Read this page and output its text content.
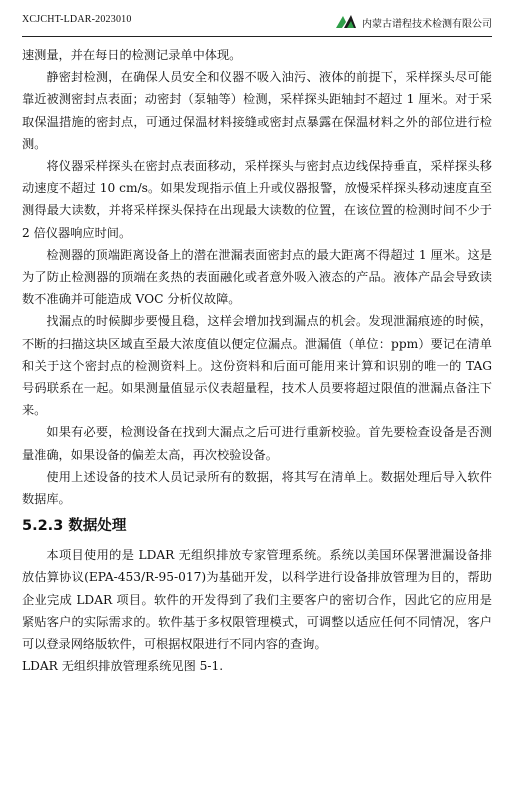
XCJCHT-LDAR-2023010	内蒙古谱程技术检测有限公司

速测量，并在每日的检测记录单中体现。

静密封检测，在确保人员安全和仪器不吸入油污、液体的前提下，采样探头尽可能靠近被测密封点表面；动密封（泵轴等）检测，采样探头距轴封不超过 1 厘米。对于采取保温措施的密封点，可通过保温材料接缝或密封点暴露在保温材料之外的部位进行检测。

将仪器采样探头在密封点表面移动，采样探头与密封点边线保持垂直，采样探头移动速度不超过 10 cm/s。如果发现指示值上升或仪器报警，放慢采样探头移动速度直至测得最大读数，并将采样探头保持在出现最大读数的位置，在该位置的检测时间不少于 2 倍仪器响应时间。

检测器的顶端距离设备上的潜在泄漏表面密封点的最大距离不得超过 1 厘米。这是为了防止检测器的顶端在炙热的表面融化或者意外吸入液态的产品。液体产品会导致读数不准确并可能造成 VOC 分析仪故障。

找漏点的时候脚步要慢且稳，这样会增加找到漏点的机会。发现泄漏痕迹的时候，不断的扫描这块区域直至最大浓度值以便定位漏点。泄漏值（单位：ppm）要记在清单和关于这个密封点的检测资料上。这份资料和后面可能用来计算和识别的唯一的 TAG 号码联系在一起。如果测量值显示仪表超量程，技术人员要将超过限值的泄漏点备注下来。

如果有必要，检测设备在找到大漏点之后可进行重新校验。首先要检查设备是否测量准确，如果设备的偏差太高，再次校验设备。

使用上述设备的技术人员记录所有的数据，将其写在清单上。数据处理后导入软件数据库。

5.2.3 数据处理

本项目使用的是 LDAR 无组织排放专家管理系统。系统以美国环保署泄漏设备排放估算协议(EPA-453/R-95-017)为基础开发，以科学进行设备排放管理为目的，帮助企业完成 LDAR 项目。软件的开发得到了我们主要客户的密切合作，因此它的应用是紧贴客户的实际需求的。软件基于多权限管理模式，可调整以适应任何不同情况，客户可以登录网络版软件，可根据权限进行不同内容的查询。

LDAR 无组织排放管理系统见图 5-1.
